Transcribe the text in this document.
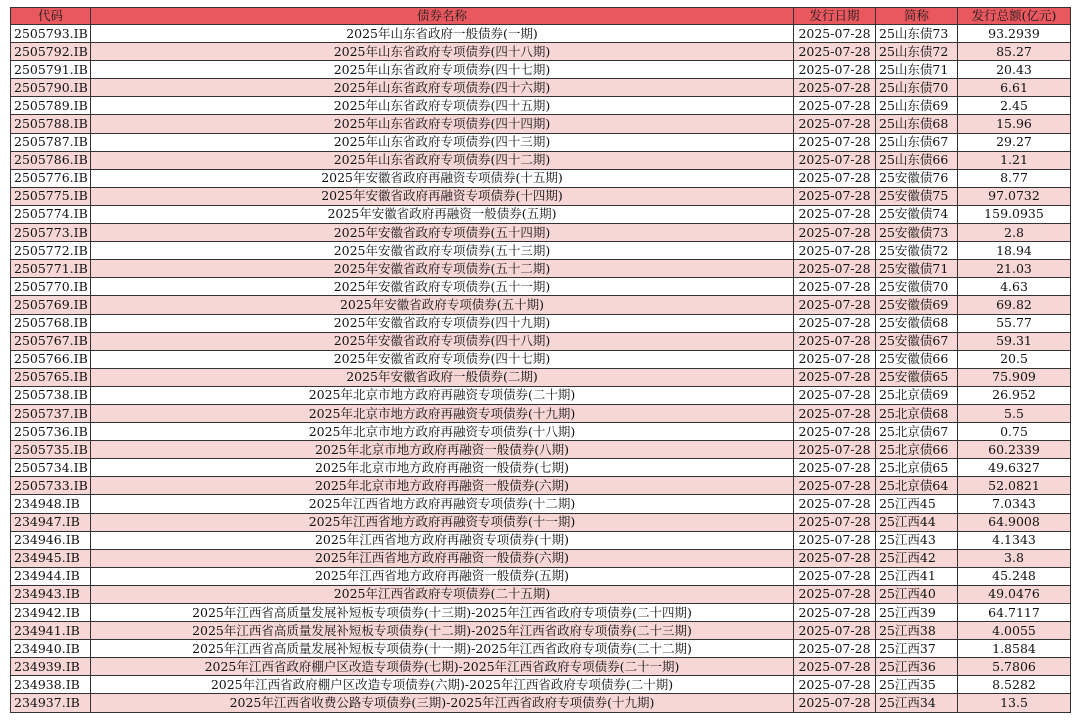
代码	债券名称	发行日期	简称	发行总额(亿元)
2505793.IB	2025年山东省政府一般债券(一期)	2025-07-28	25山东债73	93.2939
2505792.IB	2025年山东省政府专项债券(四十八期)	2025-07-28	25山东债72	85.27
2505791.IB	2025年山东省政府专项债券(四十七期)	2025-07-28	25山东债71	20.43
2505790.IB	2025年山东省政府专项债券(四十六期)	2025-07-28	25山东债70	6.61
2505789.IB	2025年山东省政府专项债券(四十五期)	2025-07-28	25山东债69	2.45
2505788.IB	2025年山东省政府专项债券(四十四期)	2025-07-28	25山东债68	15.96
2505787.IB	2025年山东省政府专项债券(四十三期)	2025-07-28	25山东债67	29.27
2505786.IB	2025年山东省政府专项债券(四十二期)	2025-07-28	25山东债66	1.21
2505776.IB	2025年安徽省政府再融资专项债券(十五期)	2025-07-28	25安徽债76	8.77
2505775.IB	2025年安徽省政府再融资专项债券(十四期)	2025-07-28	25安徽债75	97.0732
2505774.IB	2025年安徽省政府再融资一般债券(五期)	2025-07-28	25安徽债74	159.0935
2505773.IB	2025年安徽省政府专项债券(五十四期)	2025-07-28	25安徽债73	2.8
2505772.IB	2025年安徽省政府专项债券(五十三期)	2025-07-28	25安徽债72	18.94
2505771.IB	2025年安徽省政府专项债券(五十二期)	2025-07-28	25安徽债71	21.03
2505770.IB	2025年安徽省政府专项债券(五十一期)	2025-07-28	25安徽债70	4.63
2505769.IB	2025年安徽省政府专项债券(五十期)	2025-07-28	25安徽债69	69.82
2505768.IB	2025年安徽省政府专项债券(四十九期)	2025-07-28	25安徽债68	55.77
2505767.IB	2025年安徽省政府专项债券(四十八期)	2025-07-28	25安徽债67	59.31
2505766.IB	2025年安徽省政府专项债券(四十七期)	2025-07-28	25安徽债66	20.5
2505765.IB	2025年安徽省政府一般债券(二期)	2025-07-28	25安徽债65	75.909
2505738.IB	2025年北京市地方政府再融资专项债券(二十期)	2025-07-28	25北京债69	26.952
2505737.IB	2025年北京市地方政府再融资专项债券(十九期)	2025-07-28	25北京债68	5.5
2505736.IB	2025年北京市地方政府再融资专项债券(十八期)	2025-07-28	25北京债67	0.75
2505735.IB	2025年北京市地方政府再融资一般债券(八期)	2025-07-28	25北京债66	60.2339
2505734.IB	2025年北京市地方政府再融资一般债券(七期)	2025-07-28	25北京债65	49.6327
2505733.IB	2025年北京市地方政府再融资一般债券(六期)	2025-07-28	25北京债64	52.0821
234948.IB	2025年江西省地方政府再融资专项债券(十二期)	2025-07-28	25江西45	7.0343
234947.IB	2025年江西省地方政府再融资专项债券(十一期)	2025-07-28	25江西44	64.9008
234946.IB	2025年江西省地方政府再融资专项债券(十期)	2025-07-28	25江西43	4.1343
234945.IB	2025年江西省地方政府再融资一般债券(六期)	2025-07-28	25江西42	3.8
234944.IB	2025年江西省地方政府再融资一般债券(五期)	2025-07-28	25江西41	45.248
234943.IB	2025年江西省政府专项债券(二十五期)	2025-07-28	25江西40	49.0476
234942.IB	2025年江西省高质量发展补短板专项债券(十三期)-2025年江西省政府专项债券(二十四期)	2025-07-28	25江西39	64.7117
234941.IB	2025年江西省高质量发展补短板专项债券(十二期)-2025年江西省政府专项债券(二十三期)	2025-07-28	25江西38	4.0055
234940.IB	2025年江西省高质量发展补短板专项债券(十一期)-2025年江西省政府专项债券(二十二期)	2025-07-28	25江西37	1.8584
234939.IB	2025年江西省政府棚户区改造专项债券(七期)-2025年江西省政府专项债券(二十一期)	2025-07-28	25江西36	5.7806
234938.IB	2025年江西省政府棚户区改造专项债券(六期)-2025年江西省政府专项债券(二十期)	2025-07-28	25江西35	8.5282
234937.IB	2025年江西省收费公路专项债券(三期)-2025年江西省政府专项债券(十九期)	2025-07-28	25江西34	13.5
